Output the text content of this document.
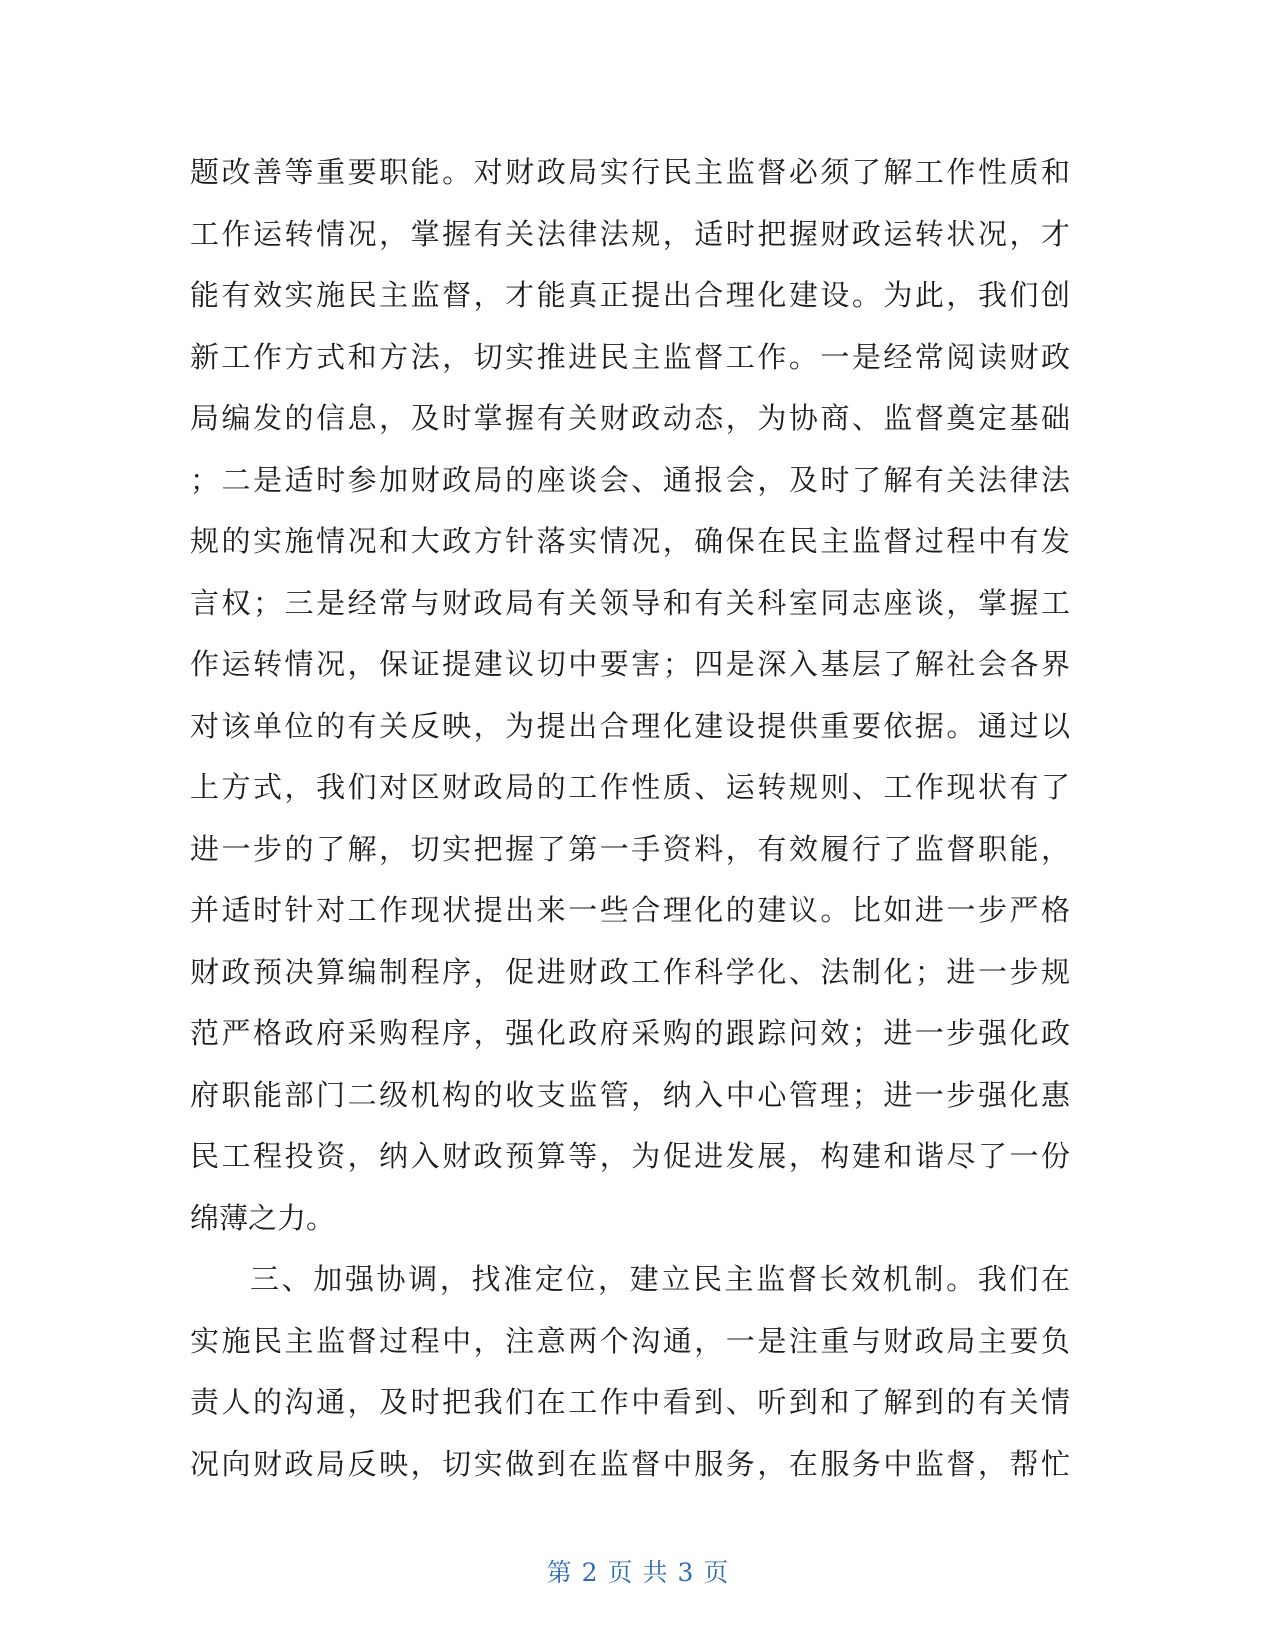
题改善等重要职能。对财政局实行民主监督必须了解工作性质和
工作运转情况，掌握有关法律法规，适时把握财政运转状况，才
能有效实施民主监督，才能真正提出合理化建设。为此，我们创
新工作方式和方法，切实推进民主监督工作。一是经常阅读财政
局编发的信息，及时掌握有关财政动态，为协商、监督奠定基础
；二是适时参加财政局的座谈会、通报会，及时了解有关法律法
规的实施情况和大政方针落实情况，确保在民主监督过程中有发
言权；三是经常与财政局有关领导和有关科室同志座谈，掌握工
作运转情况，保证提建议切中要害；四是深入基层了解社会各界
对该单位的有关反映，为提出合理化建设提供重要依据。通过以
上方式，我们对区财政局的工作性质、运转规则、工作现状有了
进一步的了解，切实把握了第一手资料，有效履行了监督职能，
并适时针对工作现状提出来一些合理化的建议。比如进一步严格
财政预决算编制程序，促进财政工作科学化、法制化；进一步规
范严格政府采购程序，强化政府采购的跟踪问效；进一步强化政
府职能部门二级机构的收支监管，纳入中心管理；进一步强化惠
民工程投资，纳入财政预算等，为促进发展，构建和谐尽了一份
绵薄之力。
三、加强协调，找准定位，建立民主监督长效机制。我们在
实施民主监督过程中，注意两个沟通，一是注重与财政局主要负
责人的沟通，及时把我们在工作中看到、听到和了解到的有关情
况向财政局反映，切实做到在监督中服务，在服务中监督，帮忙
第 2 页 共 3 页
